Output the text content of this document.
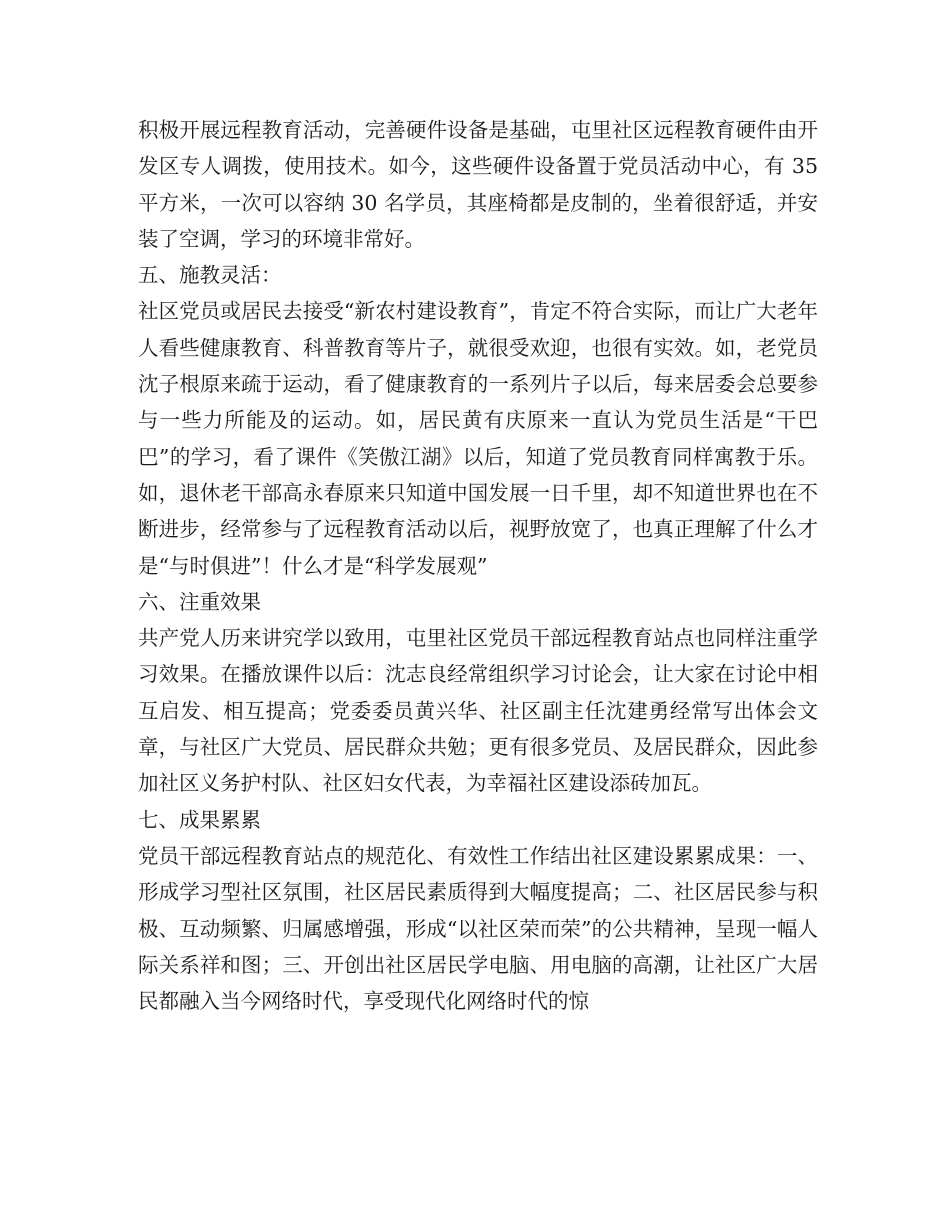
积极开展远程教育活动，完善硬件设备是基础，屯里社区远程教育硬件由开发区专人调拨，使用技术。如今，这些硬件设备置于党员活动中心，有 35 平方米，一次可以容纳 30 名学员，其座椅都是皮制的，坐着很舒适，并安装了空调，学习的环境非常好。

五、施教灵活：

社区党员或居民去接受“新农村建设教育”，肯定不符合实际，而让广大老年人看些健康教育、科普教育等片子，就很受欢迎，也很有实效。如，老党员沈子根原来疏于运动，看了健康教育的一系列片子以后，每来居委会总要参与一些力所能及的运动。如，居民黄有庆原来一直认为党员生活是“干巴巴”的学习，看了课件《笑傲江湖》以后，知道了党员教育同样寓教于乐。如，退休老干部高永春原来只知道中国发展一日千里，却不知道世界也在不断进步，经常参与了远程教育活动以后，视野放宽了，也真正理解了什么才是“与时俱进”！什么才是“科学发展观”

六、注重效果

共产党人历来讲究学以致用，屯里社区党员干部远程教育站点也同样注重学习效果。在播放课件以后：沈志良经常组织学习讨论会，让大家在讨论中相互启发、相互提高；党委委员黄兴华、社区副主任沈建勇经常写出体会文章，与社区广大党员、居民群众共勉；更有很多党员、及居民群众，因此参加社区义务护村队、社区妇女代表，为幸福社区建设添砖加瓦。

七、成果累累

党员干部远程教育站点的规范化、有效性工作结出社区建设累累成果：一、形成学习型社区氛围，社区居民素质得到大幅度提高；二、社区居民参与积极、互动频繁、归属感增强，形成“以社区荣而荣”的公共精神，呈现一幅人际关系祥和图；三、开创出社区居民学电脑、用电脑的高潮，让社区广大居民都融入当今网络时代，享受现代化网络时代的惊
